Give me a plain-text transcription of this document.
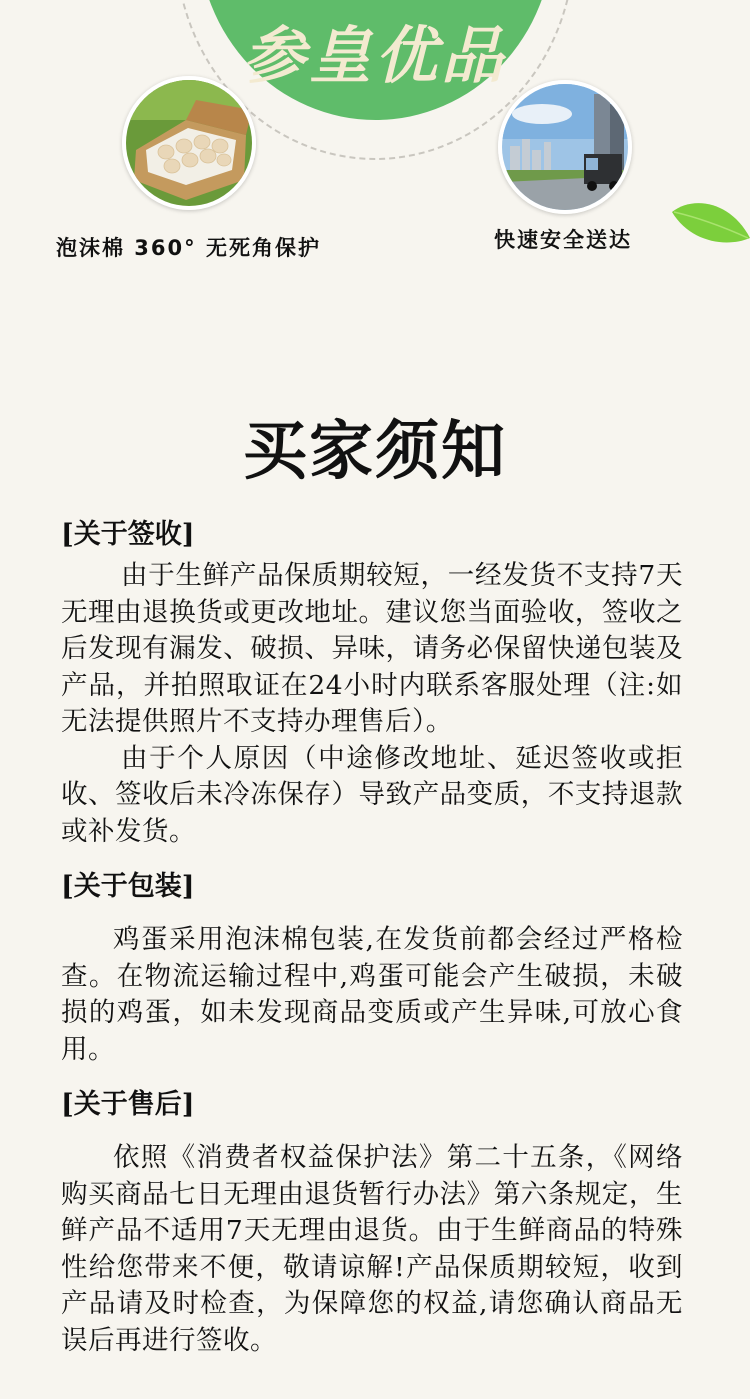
参皇优品
泡沫棉 360° 无死角保护	快速安全送达
买家须知

[关于签收]

由于生鲜产品保质期较短，一经发货不支持7天无理由退换货或更改地址。建议您当面验收，签收之后发现有漏发、破损、异味，请务必保留快递包装及产品，并拍照取证在24小时内联系客服处理（注:如无法提供照片不支持办理售后）。

由于个人原因（中途修改地址、延迟签收或拒收、签收后未冷冻保存）导致产品变质，不支持退款或补发货。

[关于包装]

鸡蛋采用泡沫棉包装,在发货前都会经过严格检查。在物流运输过程中,鸡蛋可能会产生破损，未破损的鸡蛋，如未发现商品变质或产生异味,可放心食用。

[关于售后]

依照《消费者权益保护法》第二十五条，《网络购买商品七日无理由退货暂行办法》第六条规定，生鲜产品不适用7天无理由退货。由于生鲜商品的特殊性给您带来不便，敬请谅解!产品保质期较短，收到产品请及时检查，为保障您的权益,请您确认商品无误后再进行签收。
